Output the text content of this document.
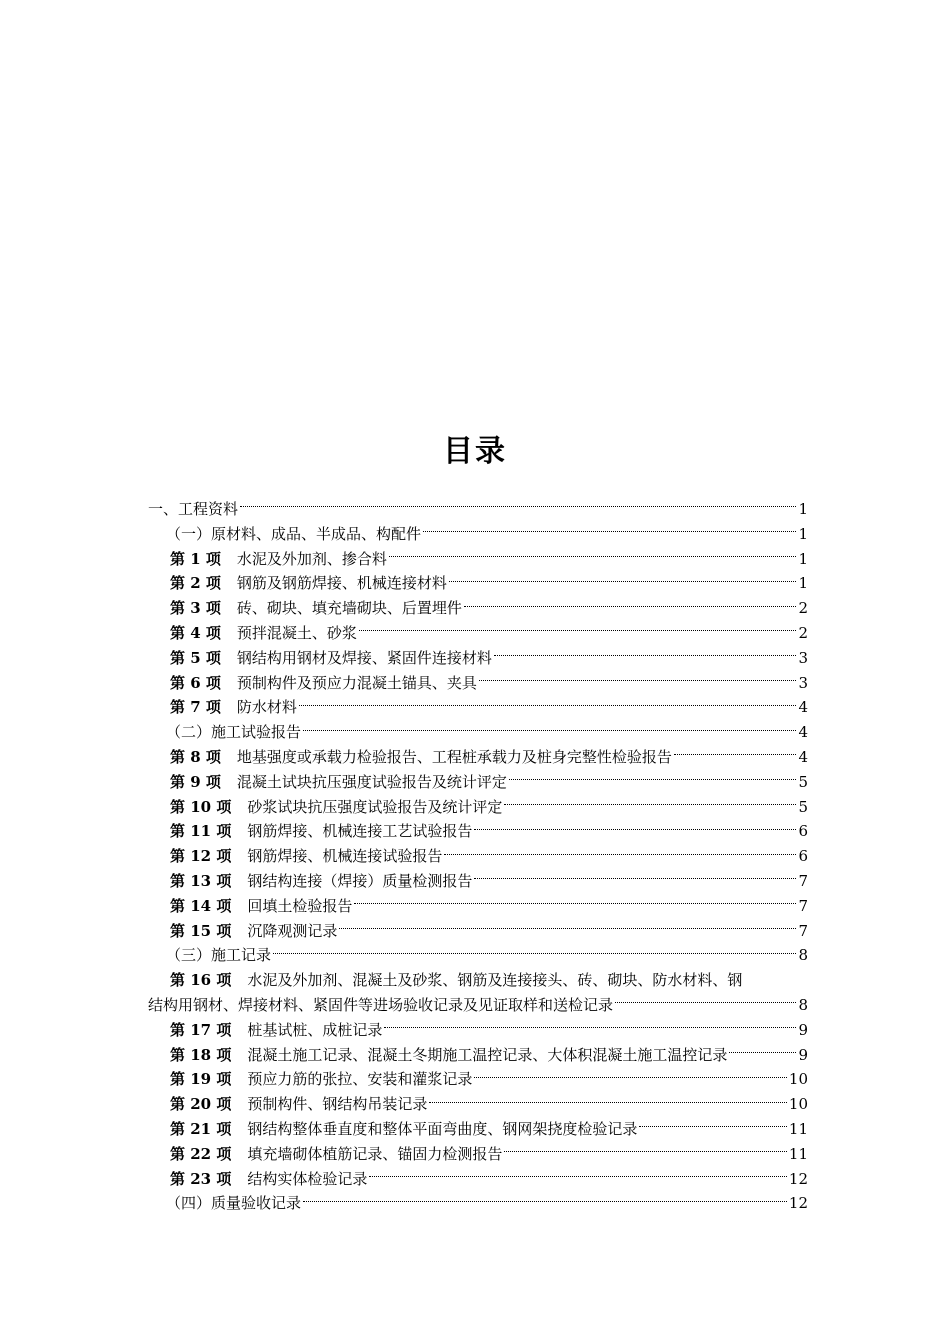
目录
一、工程资料	1
（一）原材料、成品、半成品、构配件	1
第 1 项 水泥及外加剂、掺合料	1
第 2 项 钢筋及钢筋焊接、机械连接材料	1
第 3 项 砖、砌块、填充墙砌块、后置埋件	2
第 4 项 预拌混凝土、砂浆	2
第 5 项 钢结构用钢材及焊接、紧固件连接材料	3
第 6 项 预制构件及预应力混凝土锚具、夹具	3
第 7 项 防水材料	4
（二）施工试验报告	4
第 8 项 地基强度或承载力检验报告、工程桩承载力及桩身完整性检验报告	4
第 9 项 混凝土试块抗压强度试验报告及统计评定	5
第 10 项 砂浆试块抗压强度试验报告及统计评定	5
第 11 项 钢筋焊接、机械连接工艺试验报告	6
第 12 项 钢筋焊接、机械连接试验报告	6
第 13 项 钢结构连接（焊接）质量检测报告	7
第 14 项 回填土检验报告	7
第 15 项 沉降观测记录	7
（三）施工记录	8
第 16 项 水泥及外加剂、混凝土及砂浆、钢筋及连接接头、砖、砌块、防水材料、钢
结构用钢材、焊接材料、紧固件等进场验收记录及见证取样和送检记录	8
第 17 项 桩基试桩、成桩记录	9
第 18 项 混凝土施工记录、混凝土冬期施工温控记录、大体积混凝土施工温控记录	9
第 19 项 预应力筋的张拉、安装和灌浆记录	10
第 20 项 预制构件、钢结构吊装记录	10
第 21 项 钢结构整体垂直度和整体平面弯曲度、钢网架挠度检验记录	11
第 22 项 填充墙砌体植筋记录、锚固力检测报告	11
第 23 项 结构实体检验记录	12
（四）质量验收记录	12
